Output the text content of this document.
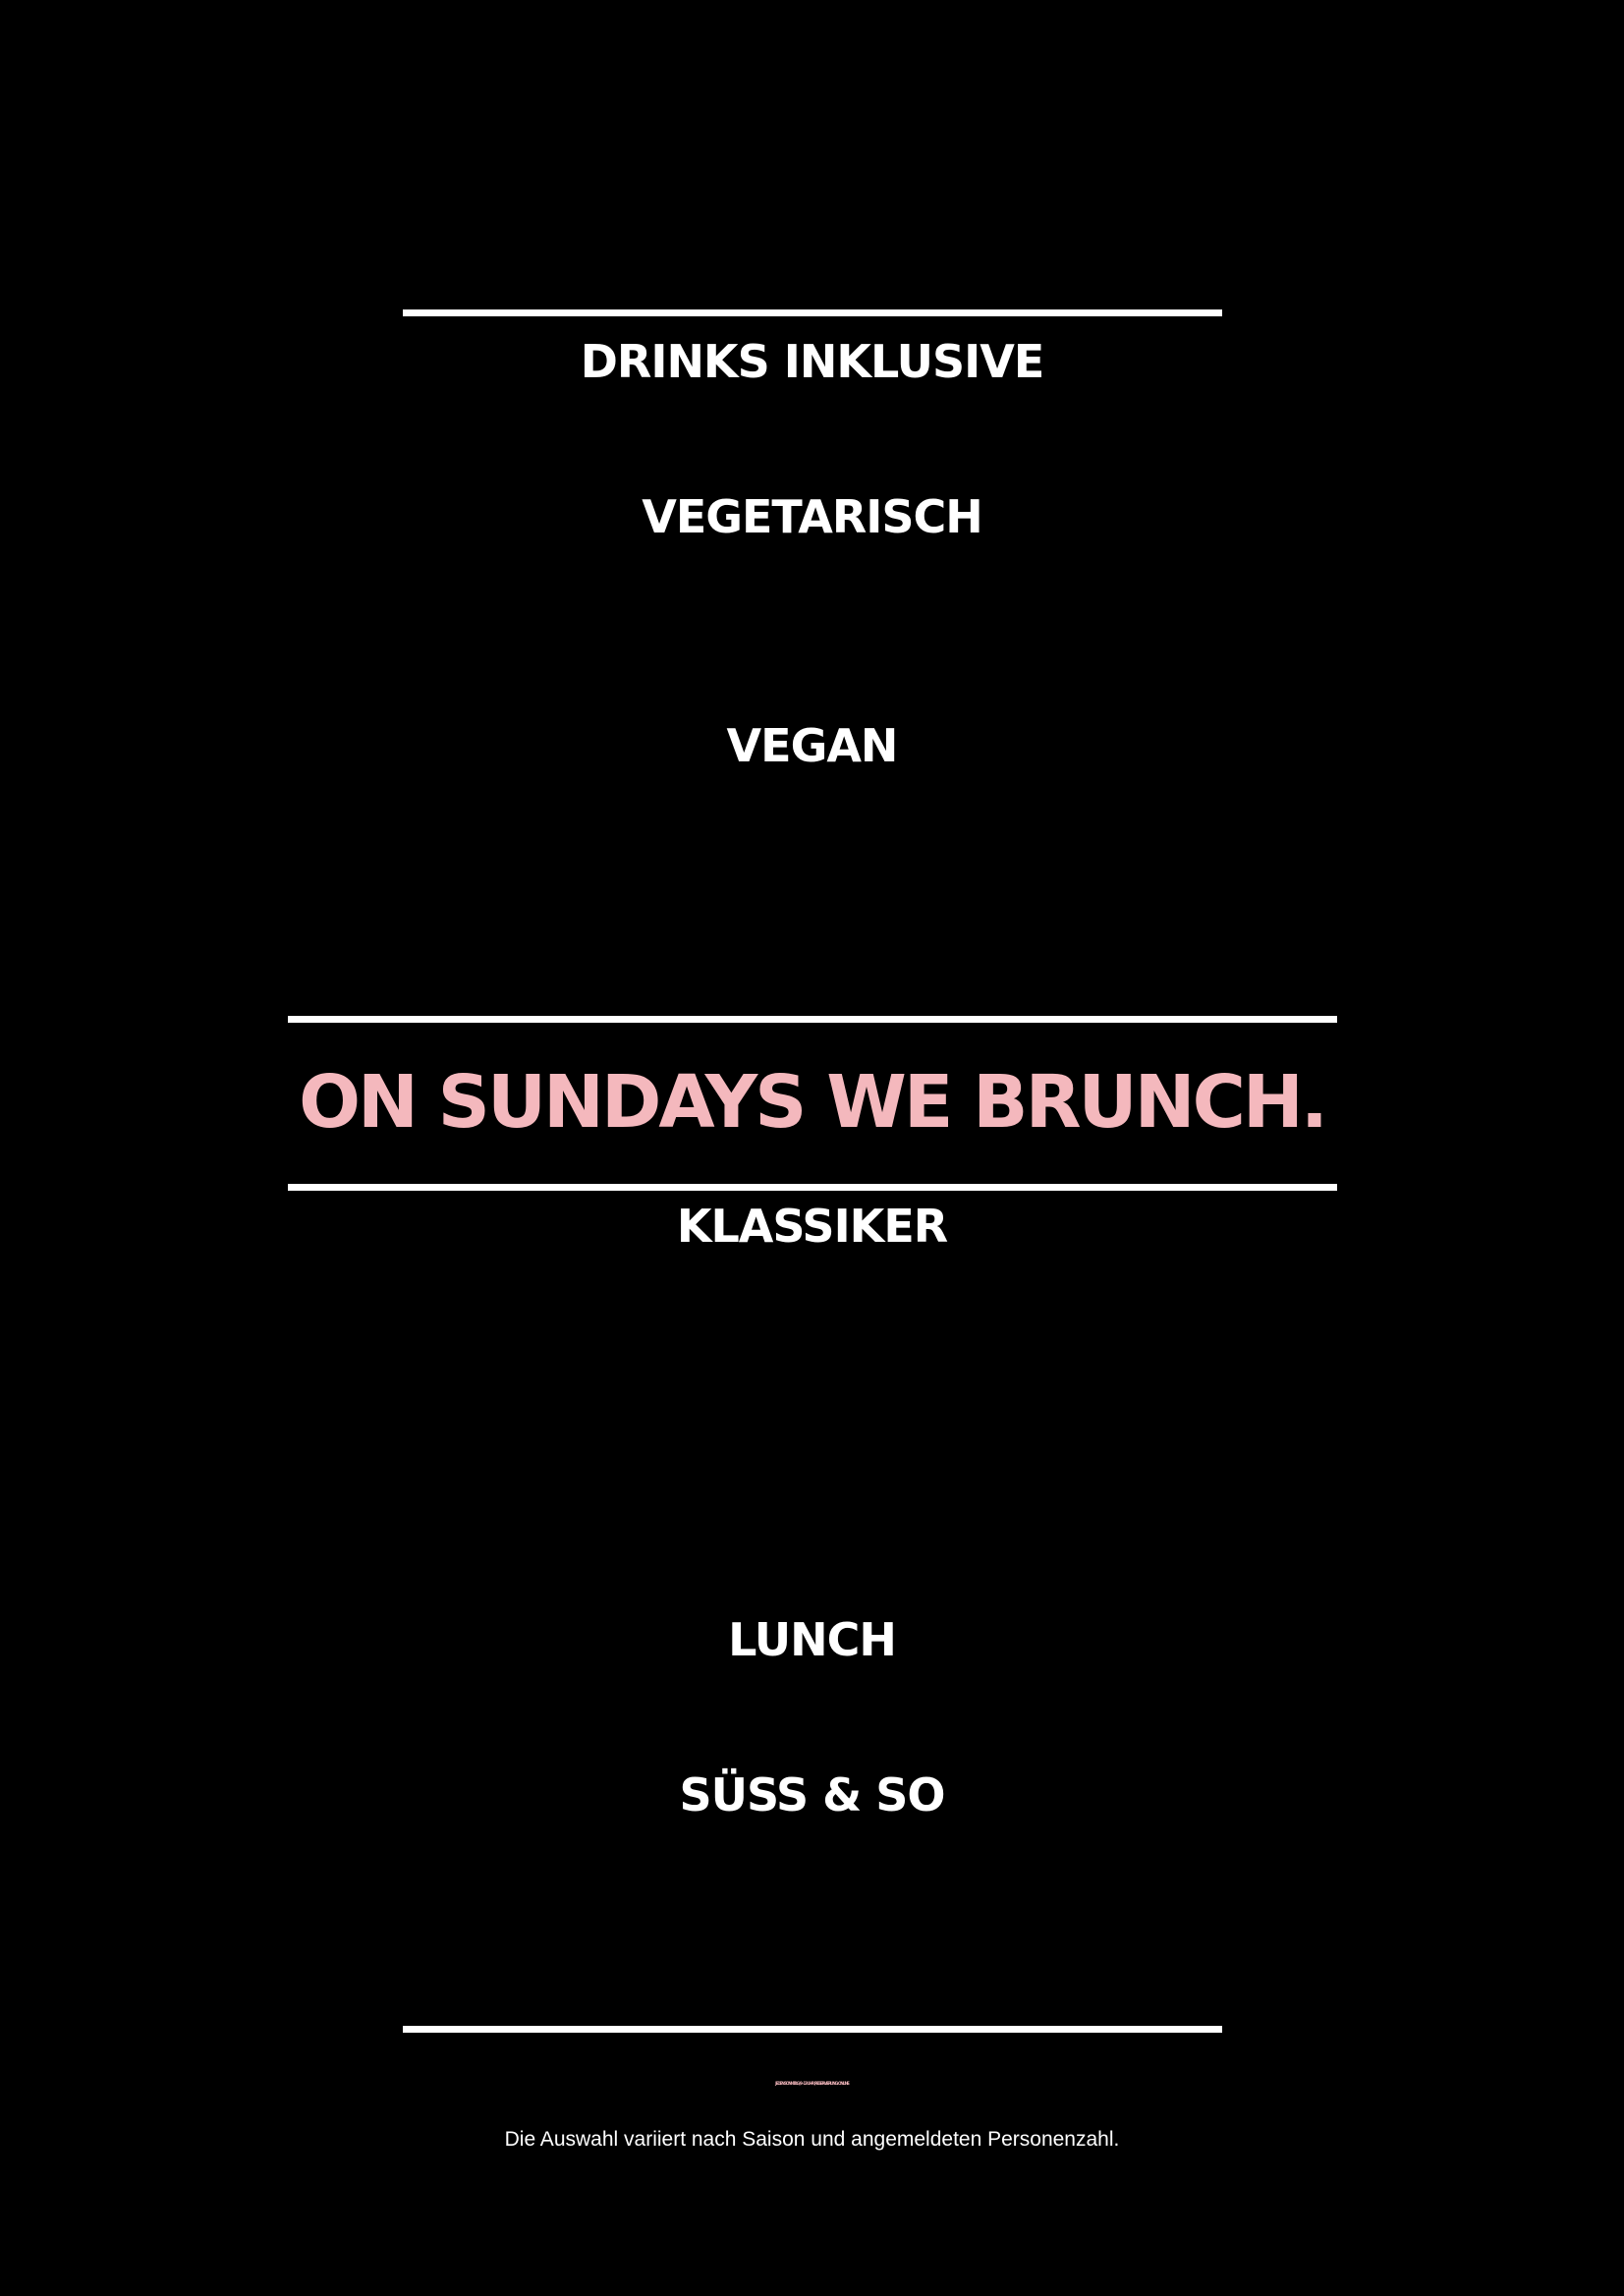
DRINKS INKLUSIVE
VEGETARISCH
VEGAN
ON SUNDAYS WE BRUNCH.
KLASSIKER
LUNCH
SÜSS & SO
JEDEN SONNTAG | 9 - 13 UHR | RESERVIERUNG: ONLINE
Die Auswahl variiert nach Saison und angemeldeten Personenzahl.
